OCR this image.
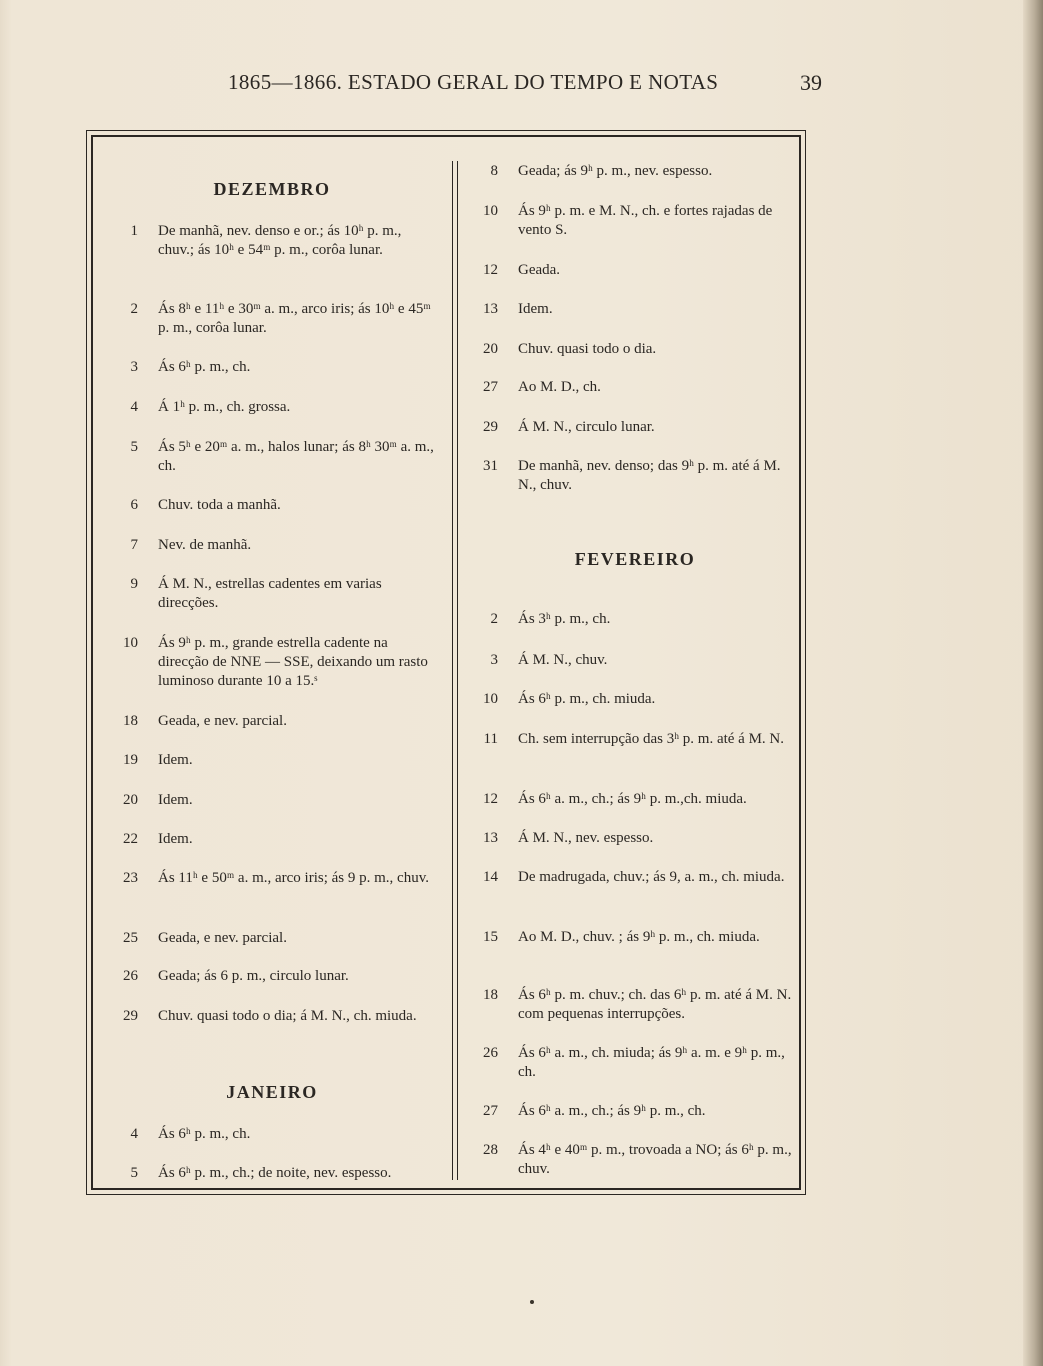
1865—1866. ESTADO GERAL DO TEMPO E NOTAS	39
DEZEMBRO
1 De manhã, nev. denso e or.; ás 10ʰ p. m., chuv.; ás 10ʰ e 54ᵐ p. m., corôa lunar.
2 Ás 8ʰ e 11ʰ e 30ᵐ a. m., arco iris; ás 10ʰ e 45ᵐ p. m., corôa lunar.
3 Ás 6ʰ p. m., ch.
4 Á 1ʰ p. m., ch. grossa.
5 Ás 5ʰ e 20ᵐ a. m., halos lunar; ás 8ʰ 30ᵐ a. m., ch.
6 Chuv. toda a manhã.
7 Nev. de manhã.
9 Á M. N., estrellas cadentes em varias direcções.
10 Ás 9ʰ p. m., grande estrella cadente na direcção de NNE — SSE, deixando um rasto luminoso durante 10 a 15.ˢ
18 Geada, e nev. parcial.
19 Idem.
20 Idem.
22 Idem.
23 Ás 11ʰ e 50ᵐ a. m., arco iris; ás 9 p. m., chuv.
25 Geada, e nev. parcial.
26 Geada; ás 6 p. m., circulo lunar.
29 Chuv. quasi todo o dia; á M. N., ch. miuda.
JANEIRO
4 Ás 6ʰ p. m., ch.
5 Ás 6ʰ p. m., ch.; de noite, nev. espesso.
8 Geada; ás 9ʰ p. m., nev. espesso.
10 Ás 9ʰ p. m. e M. N., ch. e fortes rajadas de vento S.
12 Geada.
13 Idem.
20 Chuv. quasi todo o dia.
27 Ao M. D., ch.
29 Á M. N., circulo lunar.
31 De manhã, nev. denso; das 9ʰ p. m. até á M. N., chuv.
FEVEREIRO
2 Ás 3ʰ p. m., ch.
3 Á M. N., chuv.
10 Ás 6ʰ p. m., ch. miuda.
11 Ch. sem interrupção das 3ʰ p. m. até á M. N.
12 Ás 6ʰ a. m., ch.; ás 9ʰ p. m.,ch. miuda.
13 Á M. N., nev. espesso.
14 De madrugada, chuv.; ás 9, a. m., ch. miuda.
15 Ao M. D., chuv. ; ás 9ʰ p. m., ch. miuda.
18 Ás 6ʰ p. m. chuv.; ch. das 6ʰ p. m. até á M. N. com pequenas interrupções.
26 Ás 6ʰ a. m., ch. miuda; ás 9ʰ a. m. e 9ʰ p. m., ch.
27 Ás 6ʰ a. m., ch.; ás 9ʰ p. m., ch.
28 Ás 4ʰ e 40ᵐ p. m., trovoada a NO; ás 6ʰ p. m., chuv.
